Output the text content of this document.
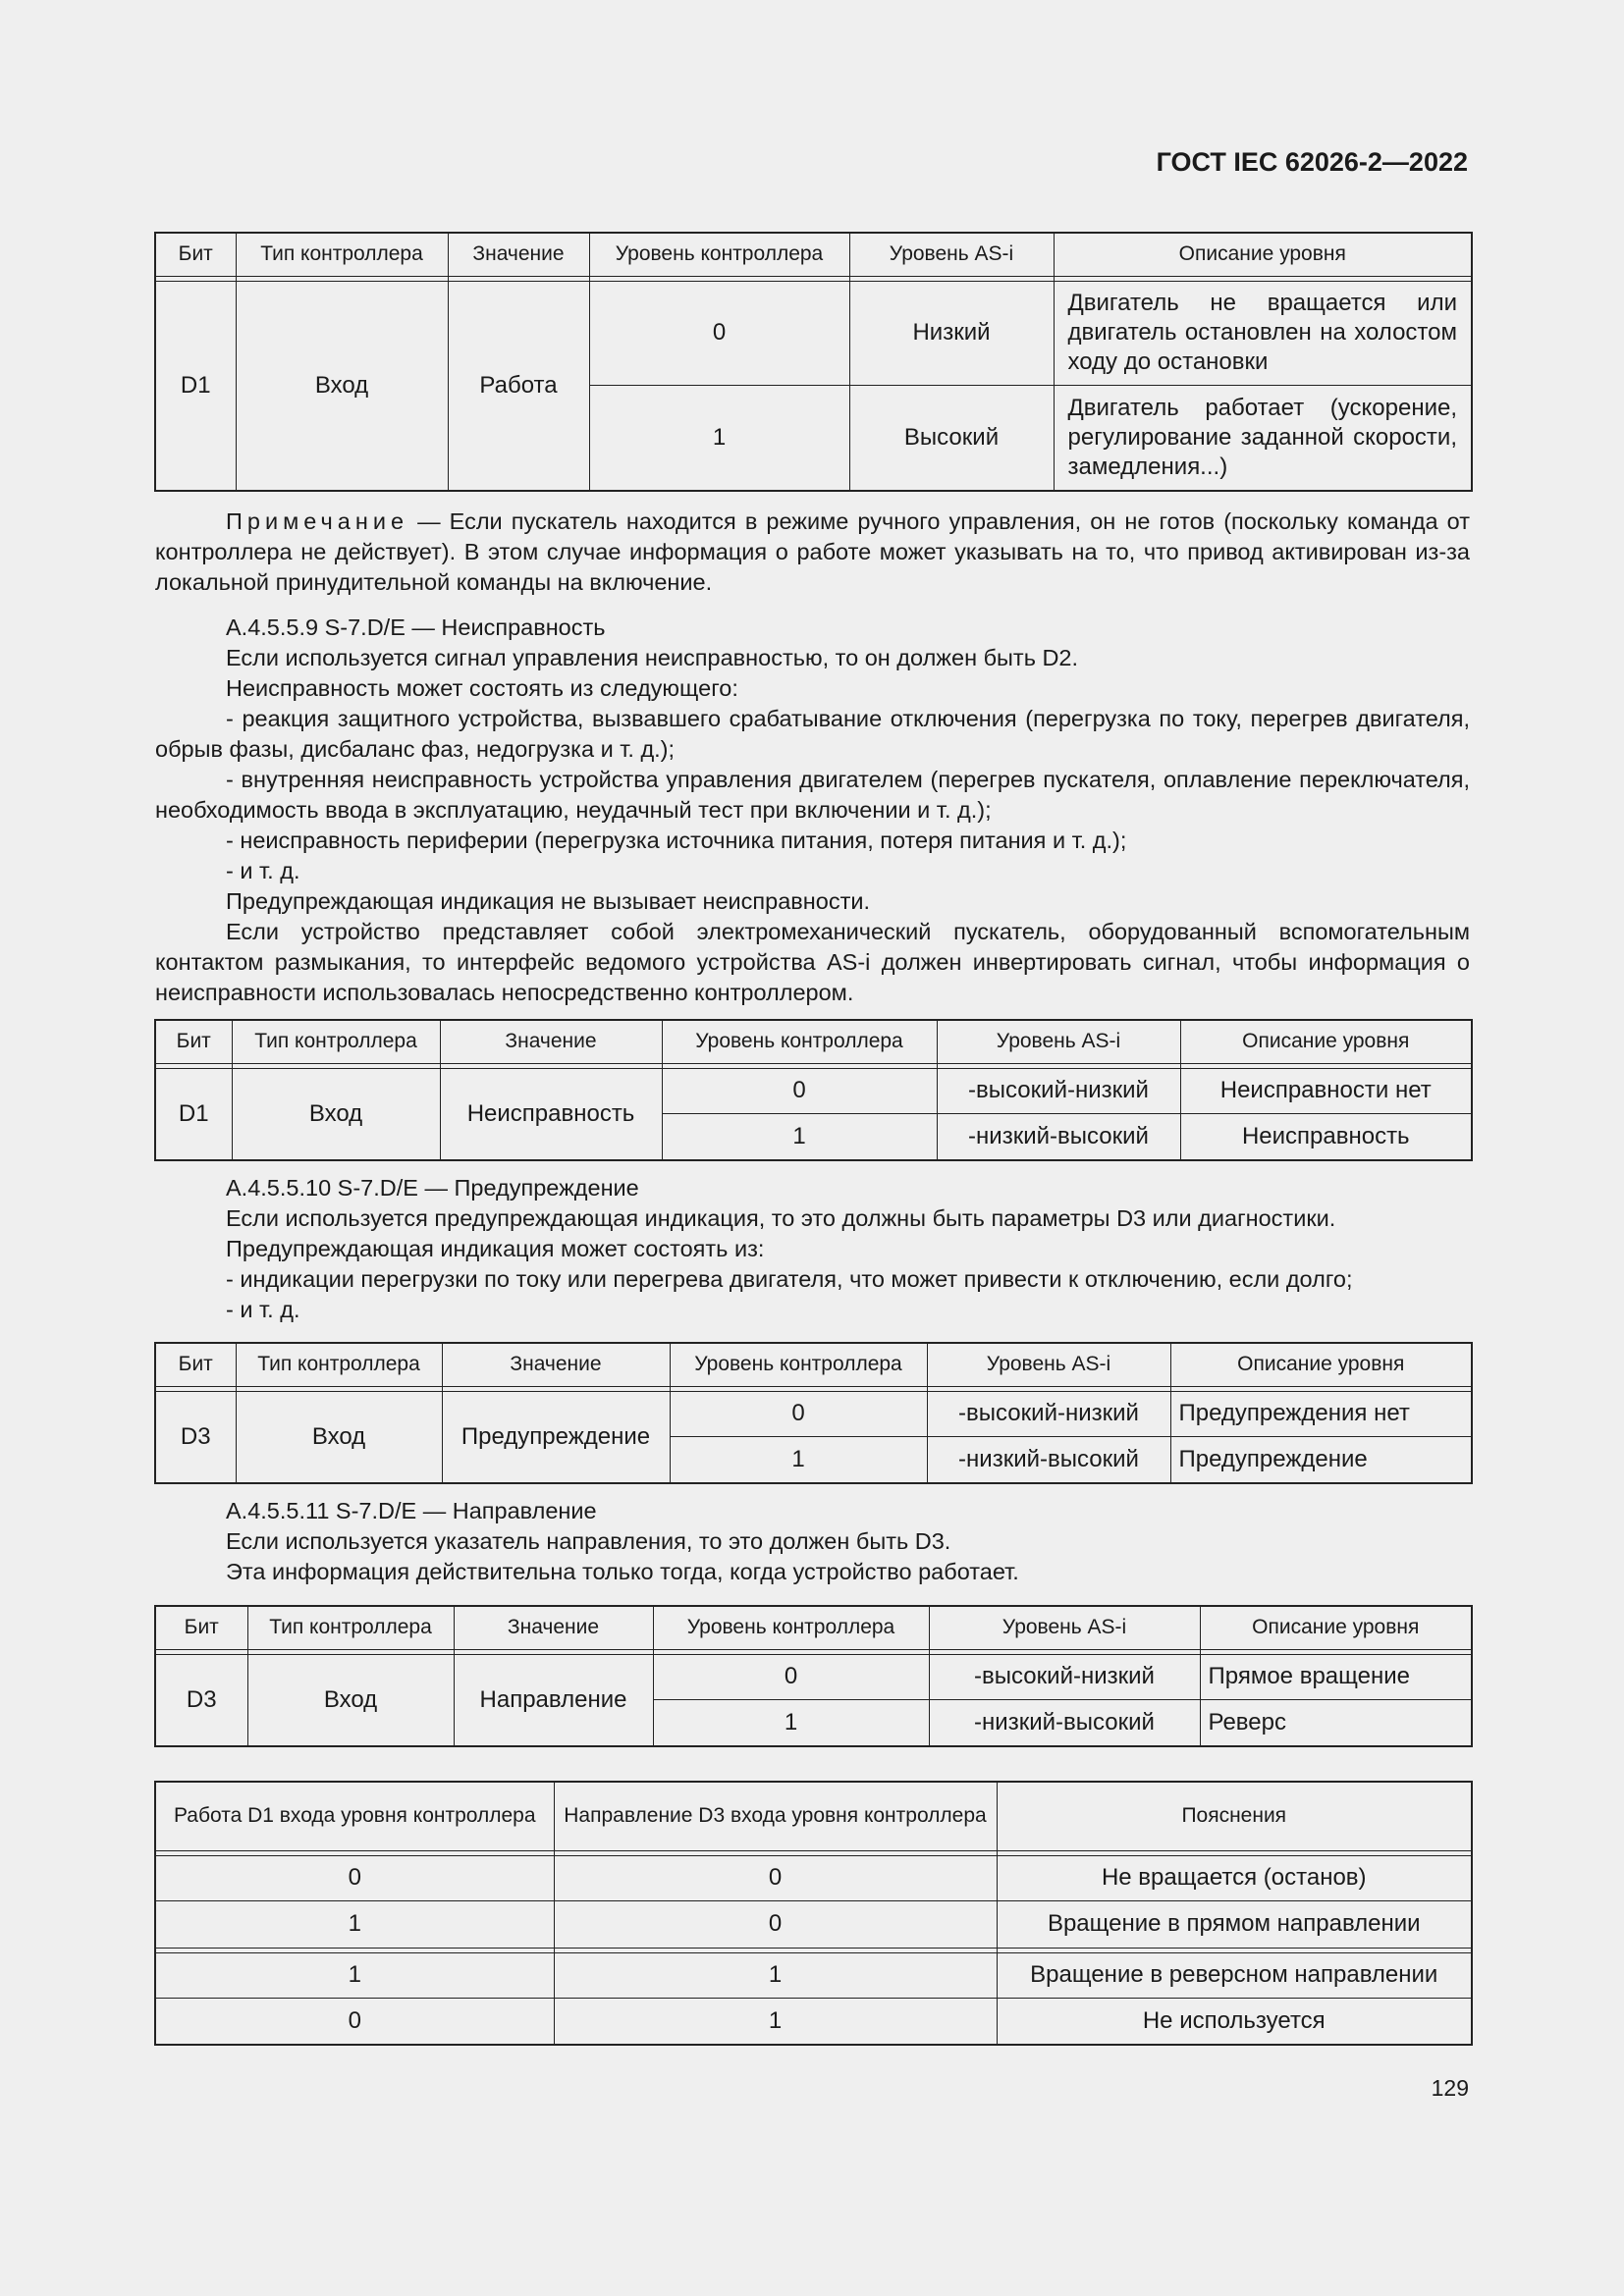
ГОСТ IEC 62026-2—2022
Бит	Тип контроллера	Значение	Уровень контроллера	Уровень AS-i	Описание уровня

D1	Вход	Работа	0	Низкий	Двигатель не вращается или двигатель остановлен на холостом ходу до остановки
			1	Высокий	Двигатель работает (ускорение, регулирование заданной скорости, замедления...)

Примечание — Если пускатель находится в режиме ручного управления, он не готов (поскольку команда от контроллера не действует). В этом случае информация о работе может указывать на то, что привод активирован из-за локальной принудительной команды на включение.

A.4.5.5.9 S-7.D/E — Неисправность

Если используется сигнал управления неисправностью, то он должен быть D2.

Неисправность может состоять из следующего:

- реакция защитного устройства, вызвавшего срабатывание отключения (перегрузка по току, перегрев двигателя, обрыв фазы, дисбаланс фаз, недогрузка и т. д.);

- внутренняя неисправность устройства управления двигателем (перегрев пускателя, оплавление переключателя, необходимость ввода в эксплуатацию, неудачный тест при включении и т. д.);

- неисправность периферии (перегрузка источника питания, потеря питания и т. д.);

- и т. д.

Предупреждающая индикация не вызывает неисправности.

Если устройство представляет собой электромеханический пускатель, оборудованный вспомогательным контактом размыкания, то интерфейс ведомого устройства AS-i должен инвертировать сигнал, чтобы информация о неисправности использовалась непосредственно контроллером.

Бит	Тип контроллера	Значение	Уровень контроллера	Уровень AS-i	Описание уровня

D1	Вход	Неисправность	0	-высокий-низкий	Неисправности нет
			1	-низкий-высокий	Неисправность

A.4.5.5.10 S-7.D/E — Предупреждение

Если используется предупреждающая индикация, то это должны быть параметры D3 или диагностики.

Предупреждающая индикация может состоять из:

- индикации перегрузки по току или перегрева двигателя, что может привести к отключению, если долго;

- и т. д.

Бит	Тип контроллера	Значение	Уровень контроллера	Уровень AS-i	Описание уровня

D3	Вход	Предупреждение	0	-высокий-низкий	Предупреждения нет
			1	-низкий-высокий	Предупреждение

A.4.5.5.11 S-7.D/E — Направление

Если используется указатель направления, то это должен быть D3.

Эта информация действительна только тогда, когда устройство работает.

Бит	Тип контроллера	Значение	Уровень контроллера	Уровень AS-i	Описание уровня

D3	Вход	Направление	0	-высокий-низкий	Прямое вращение
			1	-низкий-высокий	Реверс
Работа D1 входа уровня контроллера	Направление D3 входа уровня контроллера	Пояснения

0	0	Не вращается (останов)
1	0	Вращение в прямом направлении

1	1	Вращение в реверсном направлении
0	1	Не используется
129
